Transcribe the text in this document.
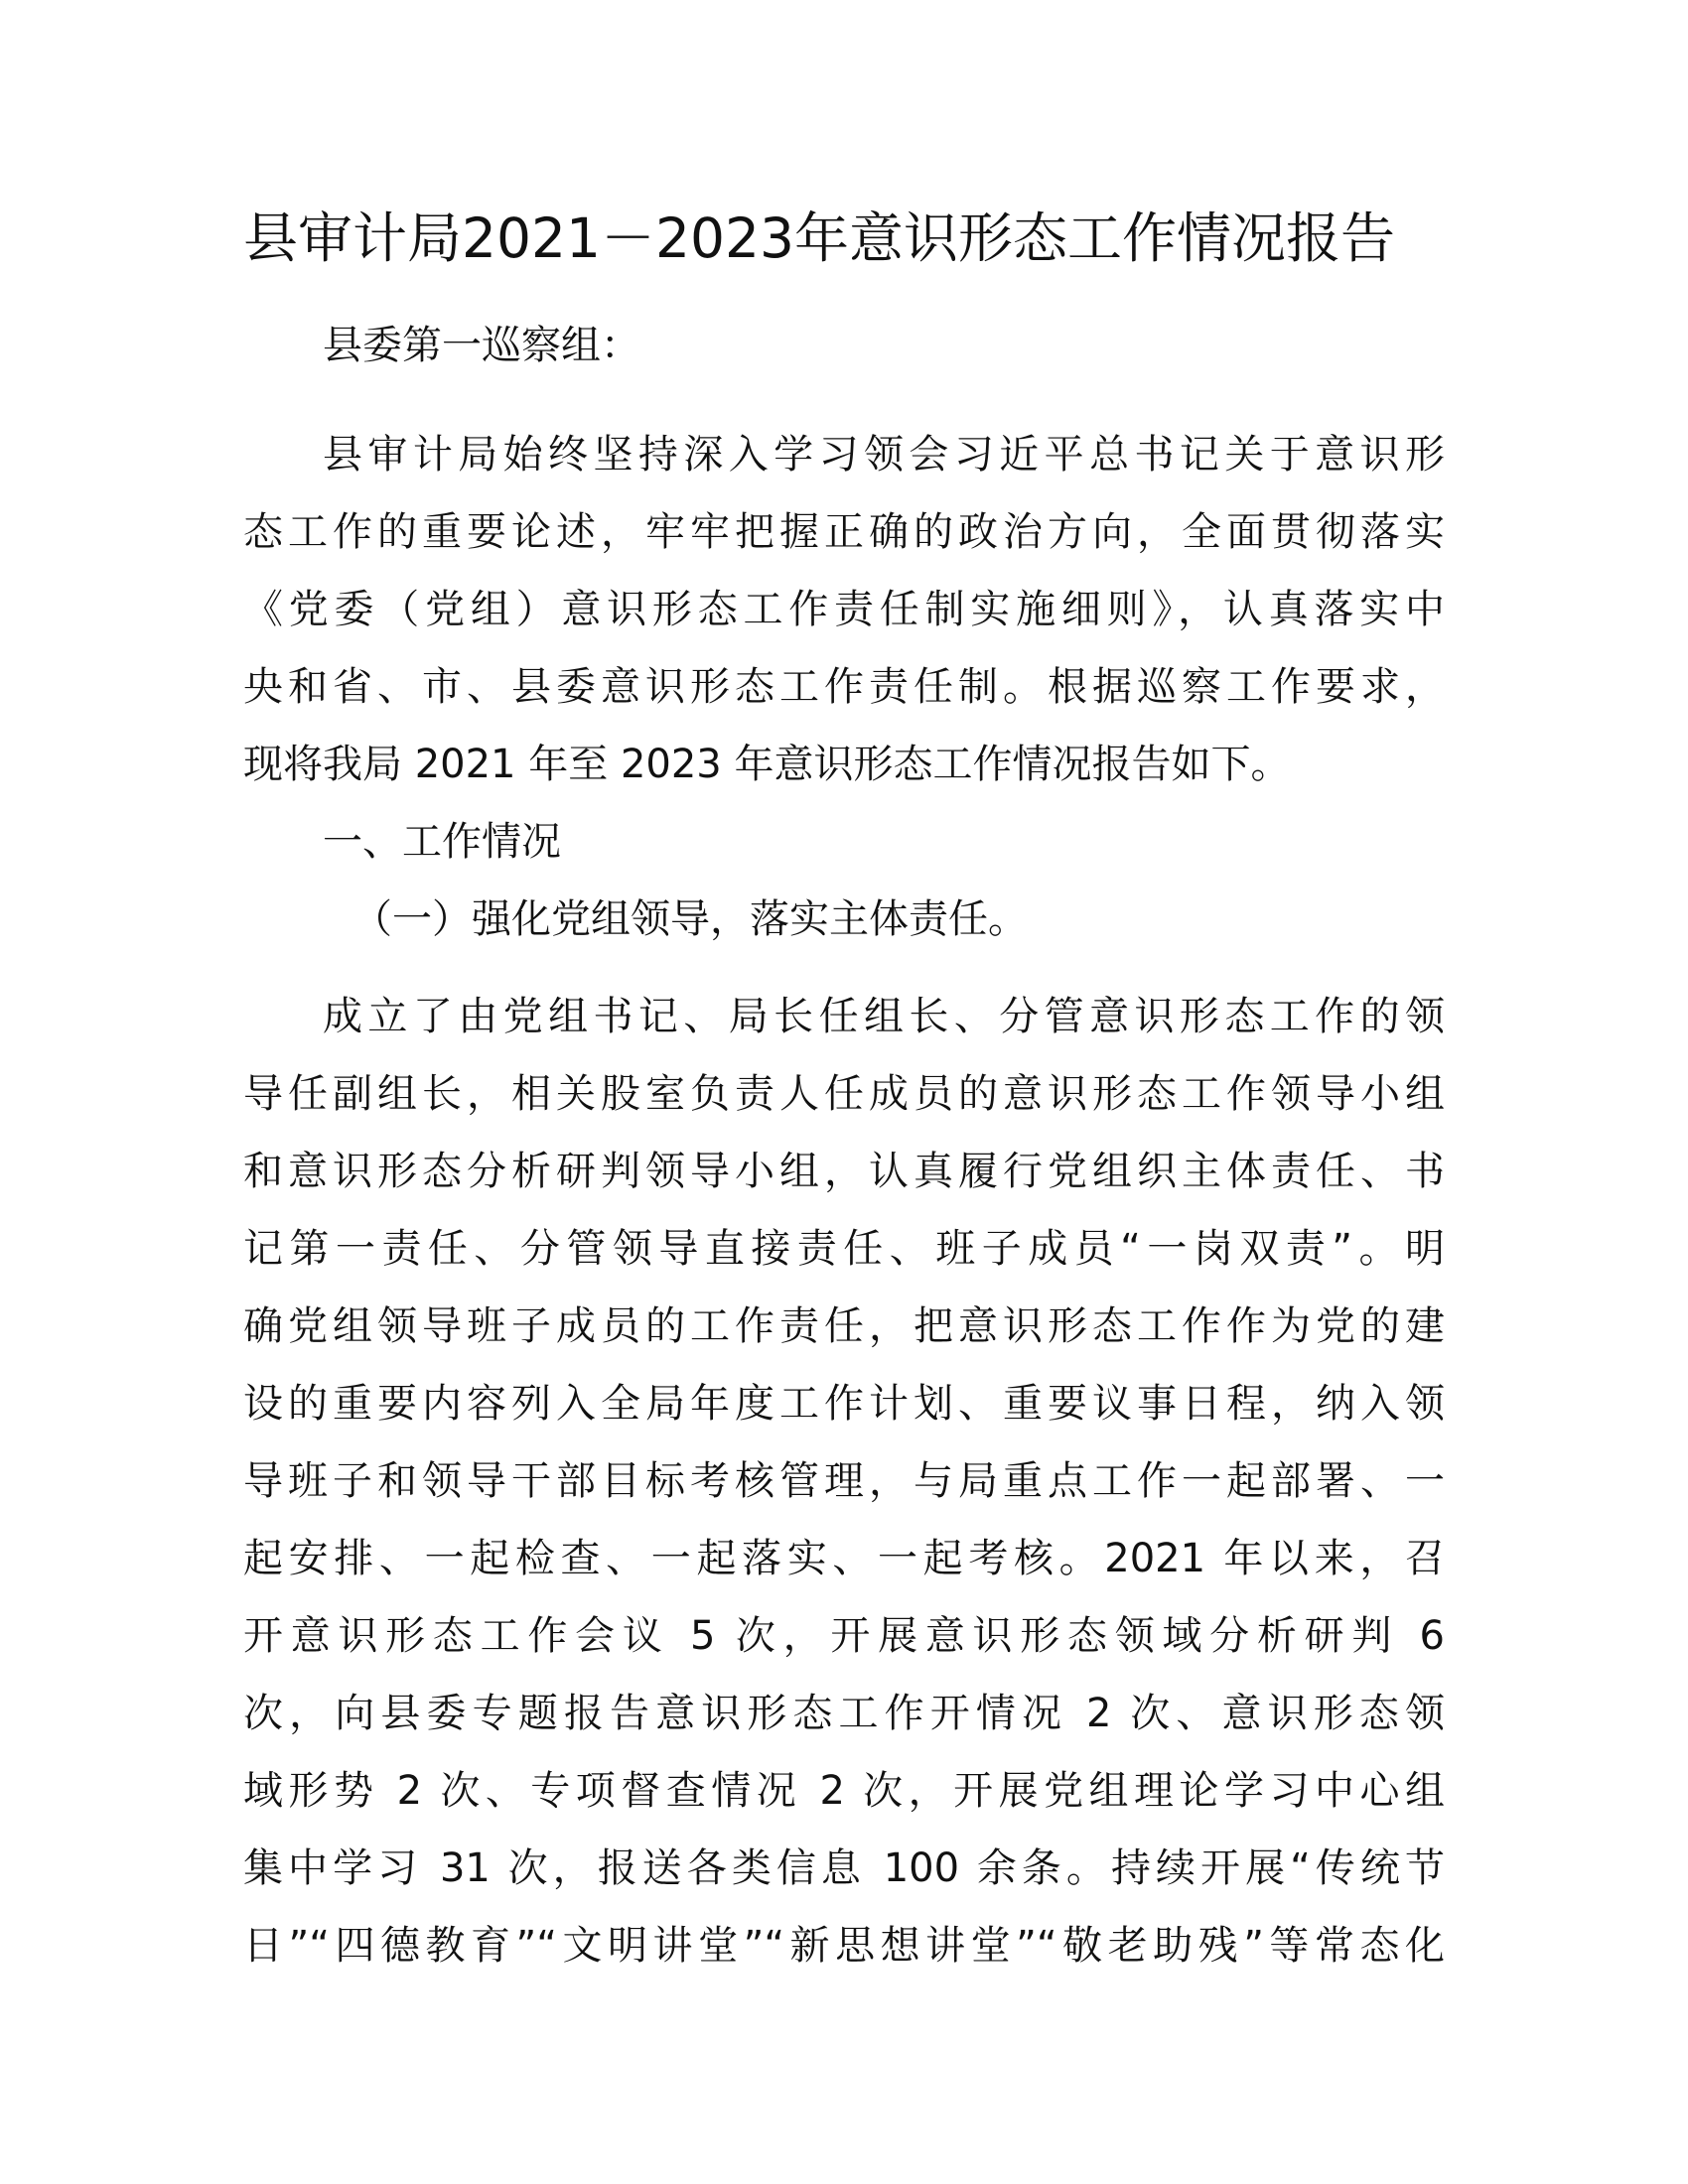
县审计局2021－2023年意识形态工作情况报告

县委第一巡察组：

县审计局始终坚持深入学习领会习近平总书记关于意识形

态工作的重要论述，牢牢把握正确的政治方向，全面贯彻落实

《党委（党组）意识形态工作责任制实施细则》，认真落实中

央和省、市、县委意识形态工作责任制。根据巡察工作要求，

现将我局 2021 年至 2023 年意识形态工作情况报告如下。

一、工作情况

（一）强化党组领导，落实主体责任。

成立了由党组书记、局长任组长、分管意识形态工作的领

导任副组长，相关股室负责人任成员的意识形态工作领导小组

和意识形态分析研判领导小组，认真履行党组织主体责任、书

记第一责任、分管领导直接责任、班子成员“一岗双责”。明

确党组领导班子成员的工作责任，把意识形态工作作为党的建

设的重要内容列入全局年度工作计划、重要议事日程，纳入领

导班子和领导干部目标考核管理，与局重点工作一起部署、一

起安排、一起检查、一起落实、一起考核。2021 年以来，召

开意识形态工作会议 5 次，开展意识形态领域分析研判 6

次，向县委专题报告意识形态工作开情况 2 次、意识形态领

域形势 2 次、专项督查情况 2 次，开展党组理论学习中心组

集中学习 31 次，报送各类信息 100 余条。持续开展“传统节

日”“四德教育”“文明讲堂”“新思想讲堂”“敬老助残”等常态化
